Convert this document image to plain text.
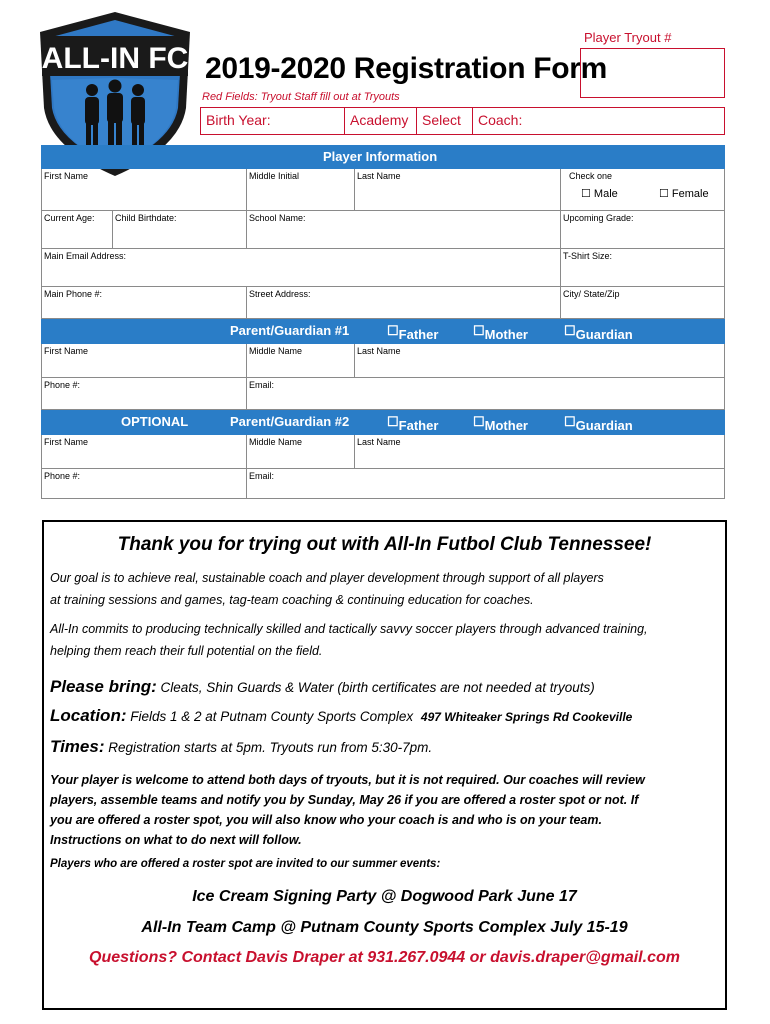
ALL-IN FC 2019-2020 Registration Form
Player Tryout #
Red Fields: Tryout Staff fill out at Tryouts
Birth Year:	Academy Select	Coach:
Player Information
First Name	Middle Initial	Last Name	Check one
☐ Male	☐ Female
Current Age:	Child Birthdate:	School Name:	Upcoming Grade:
Main Email Address:	T-Shirt Size:
Main Phone #:	Street Address:	City/ State/Zip
Parent/Guardian #1	☐ Father	☐ Mother	☐ Guardian
First Name	Middle Name	Last Name
Phone #:	Email:
OPTIONAL	Parent/Guardian #2	☐ Father	☐ Mother	☐ Guardian
First Name	Middle Name	Last Name
Phone #:	Email:
Thank you for trying out with All-In Futbol Club Tennessee!
Our goal is to achieve real, sustainable coach and player development through support of all players
at training sessions and games, tag-team coaching & continuing education for coaches.
All-In commits to producing technically skilled and tactically savvy soccer players through advanced training,
helping them reach their full potential on the field.
Please bring: Cleats, Shin Guards & Water (birth certificates are not needed at tryouts)
Location: Fields 1 & 2 at Putnam County Sports Complex 497 Whiteaker Springs Rd Cookeville
Times: Registration starts at 5pm. Tryouts run from 5:30-7pm.
Your player is welcome to attend both days of tryouts, but it is not required. Our coaches will review
players, assemble teams and notify you by Sunday, May 26 if you are offered a roster spot or not. If
you are offered a roster spot, you will also know who your coach is and who is on your team.
Instructions on what to do next will follow.
Players who are offered a roster spot are invited to our summer events:
Ice Cream Signing Party @ Dogwood Park June 17
All-In Team Camp @ Putnam County Sports Complex July 15-19
Questions? Contact Davis Draper at 931.267.0944 or davis.draper@gmail.com
